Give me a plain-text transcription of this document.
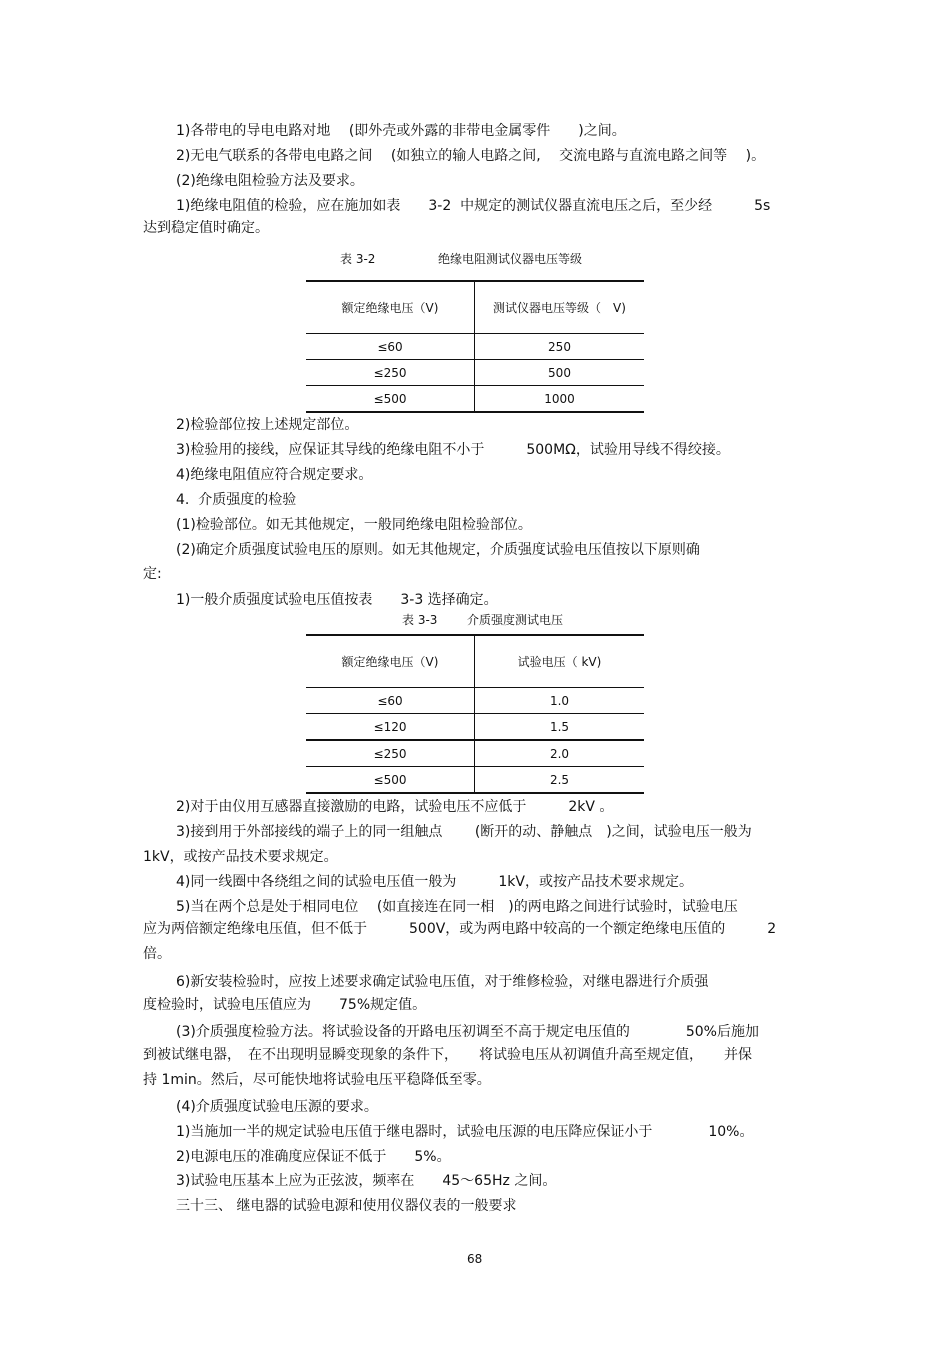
1)各带电的导电电路对地　 (即外壳或外露的非带电金属零件　　)之间。
2)无电气联系的各带电电路之间　 (如独立的输人电路之间,　 交流电路与直流电路之间等　 )。
(2)绝缘电阻检验方法及要求。
1)绝缘电阻值的检验，应在施加如表　　3-2  中规定的测试仪器直流电压之后，至少经　　　5s
达到稳定值时确定。
表 3-2	绝缘电阻测试仪器电压等级
额定绝缘电压（V)	测试仪器电压等级（　V)
≤60	250
≤250	500
≤500	1000
2)检验部位按上述规定部位。
3)检验用的接线，应保证其导线的绝缘电阻不小于　　　500MΩ，试验用导线不得绞接。
4)绝缘电阻值应符合规定要求。
4.  介质强度的检验
(1)检验部位。如无其他规定，一般同绝缘电阻检验部位。
(2)确定介质强度试验电压的原则。如无其他规定，介质强度试验电压值按以下原则确
定:
1)一般介质强度试验电压值按表　　3-3 选择确定。
表 3-3 介质强度测试电压
额定绝缘电压（V)	试验电压（ kV)
≤60	1.0
≤120	1.5
≤250	2.0
≤500	2.5
2)对于由仪用互感器直接激励的电路，试验电压不应低于　　　2kV 。
3)接到用于外部接线的端子上的同一组触点　　 (断开的动、静触点　)之间，试验电压一般为
1kV，或按产品技术要求规定。
4)同一线圈中各绕组之间的试验电压值一般为　　　1kV，或按产品技术要求规定。
5)当在两个总是处于相同电位　 (如直接连在同一相　)的两电路之间进行试验时，试验电压
应为两倍额定绝缘电压值，但不低于　　　500V，或为两电路中较高的一个额定绝缘电压值的　　　2
倍。
6)新安装检验时，应按上述要求确定试验电压值，对于维修检验，对继电器进行介质强
度检验时，试验电压值应为　　75%规定值。
(3)介质强度检验方法。将试验设备的开路电压初调至不高于规定电压值的　　　　50%后施加
到被试继电器，　在不出现明显瞬变现象的条件下，　　将试验电压从初调值升高至规定值，　　并保
持 1min。然后，尽可能快地将试验电压平稳降低至零。
(4)介质强度试验电压源的要求。
1)当施加一半的规定试验电压值于继电器时，试验电压源的电压降应保证小于　　　　10%。
2)电源电压的准确度应保证不低于　　5%。
3)试验电压基本上应为正弦波，频率在　　45～65Hz 之间。
三十三、 继电器的试验电源和使用仪器仪表的一般要求
68
